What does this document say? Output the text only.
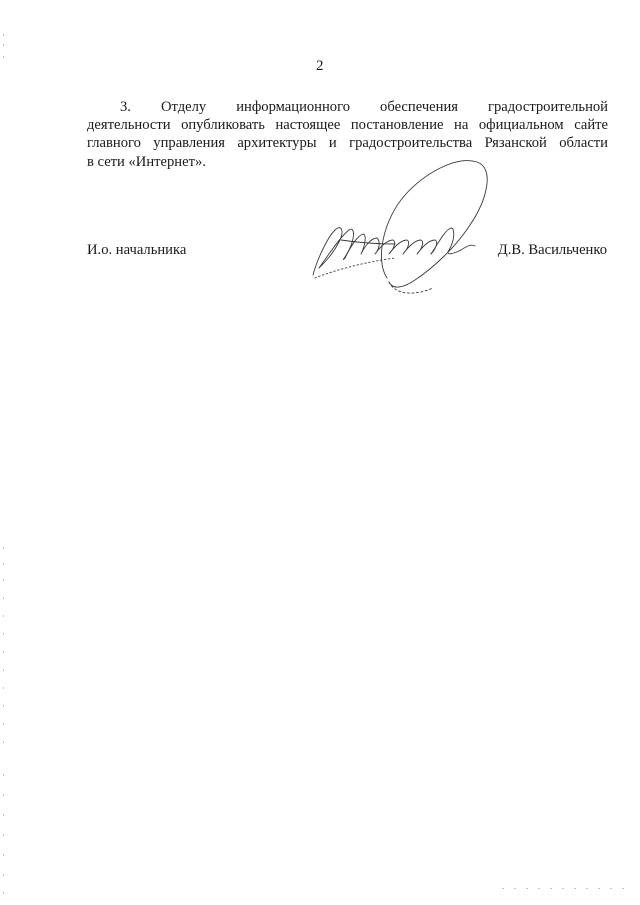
2
3. Отделу информационного обеспечения градостроительной
деятельности опубликовать настоящее постановление на официальном сайте
главного управления архитектуры и градостроительства Рязанской области
в сети «Интернет».
И.о. начальника	Д.В. Васильченко
